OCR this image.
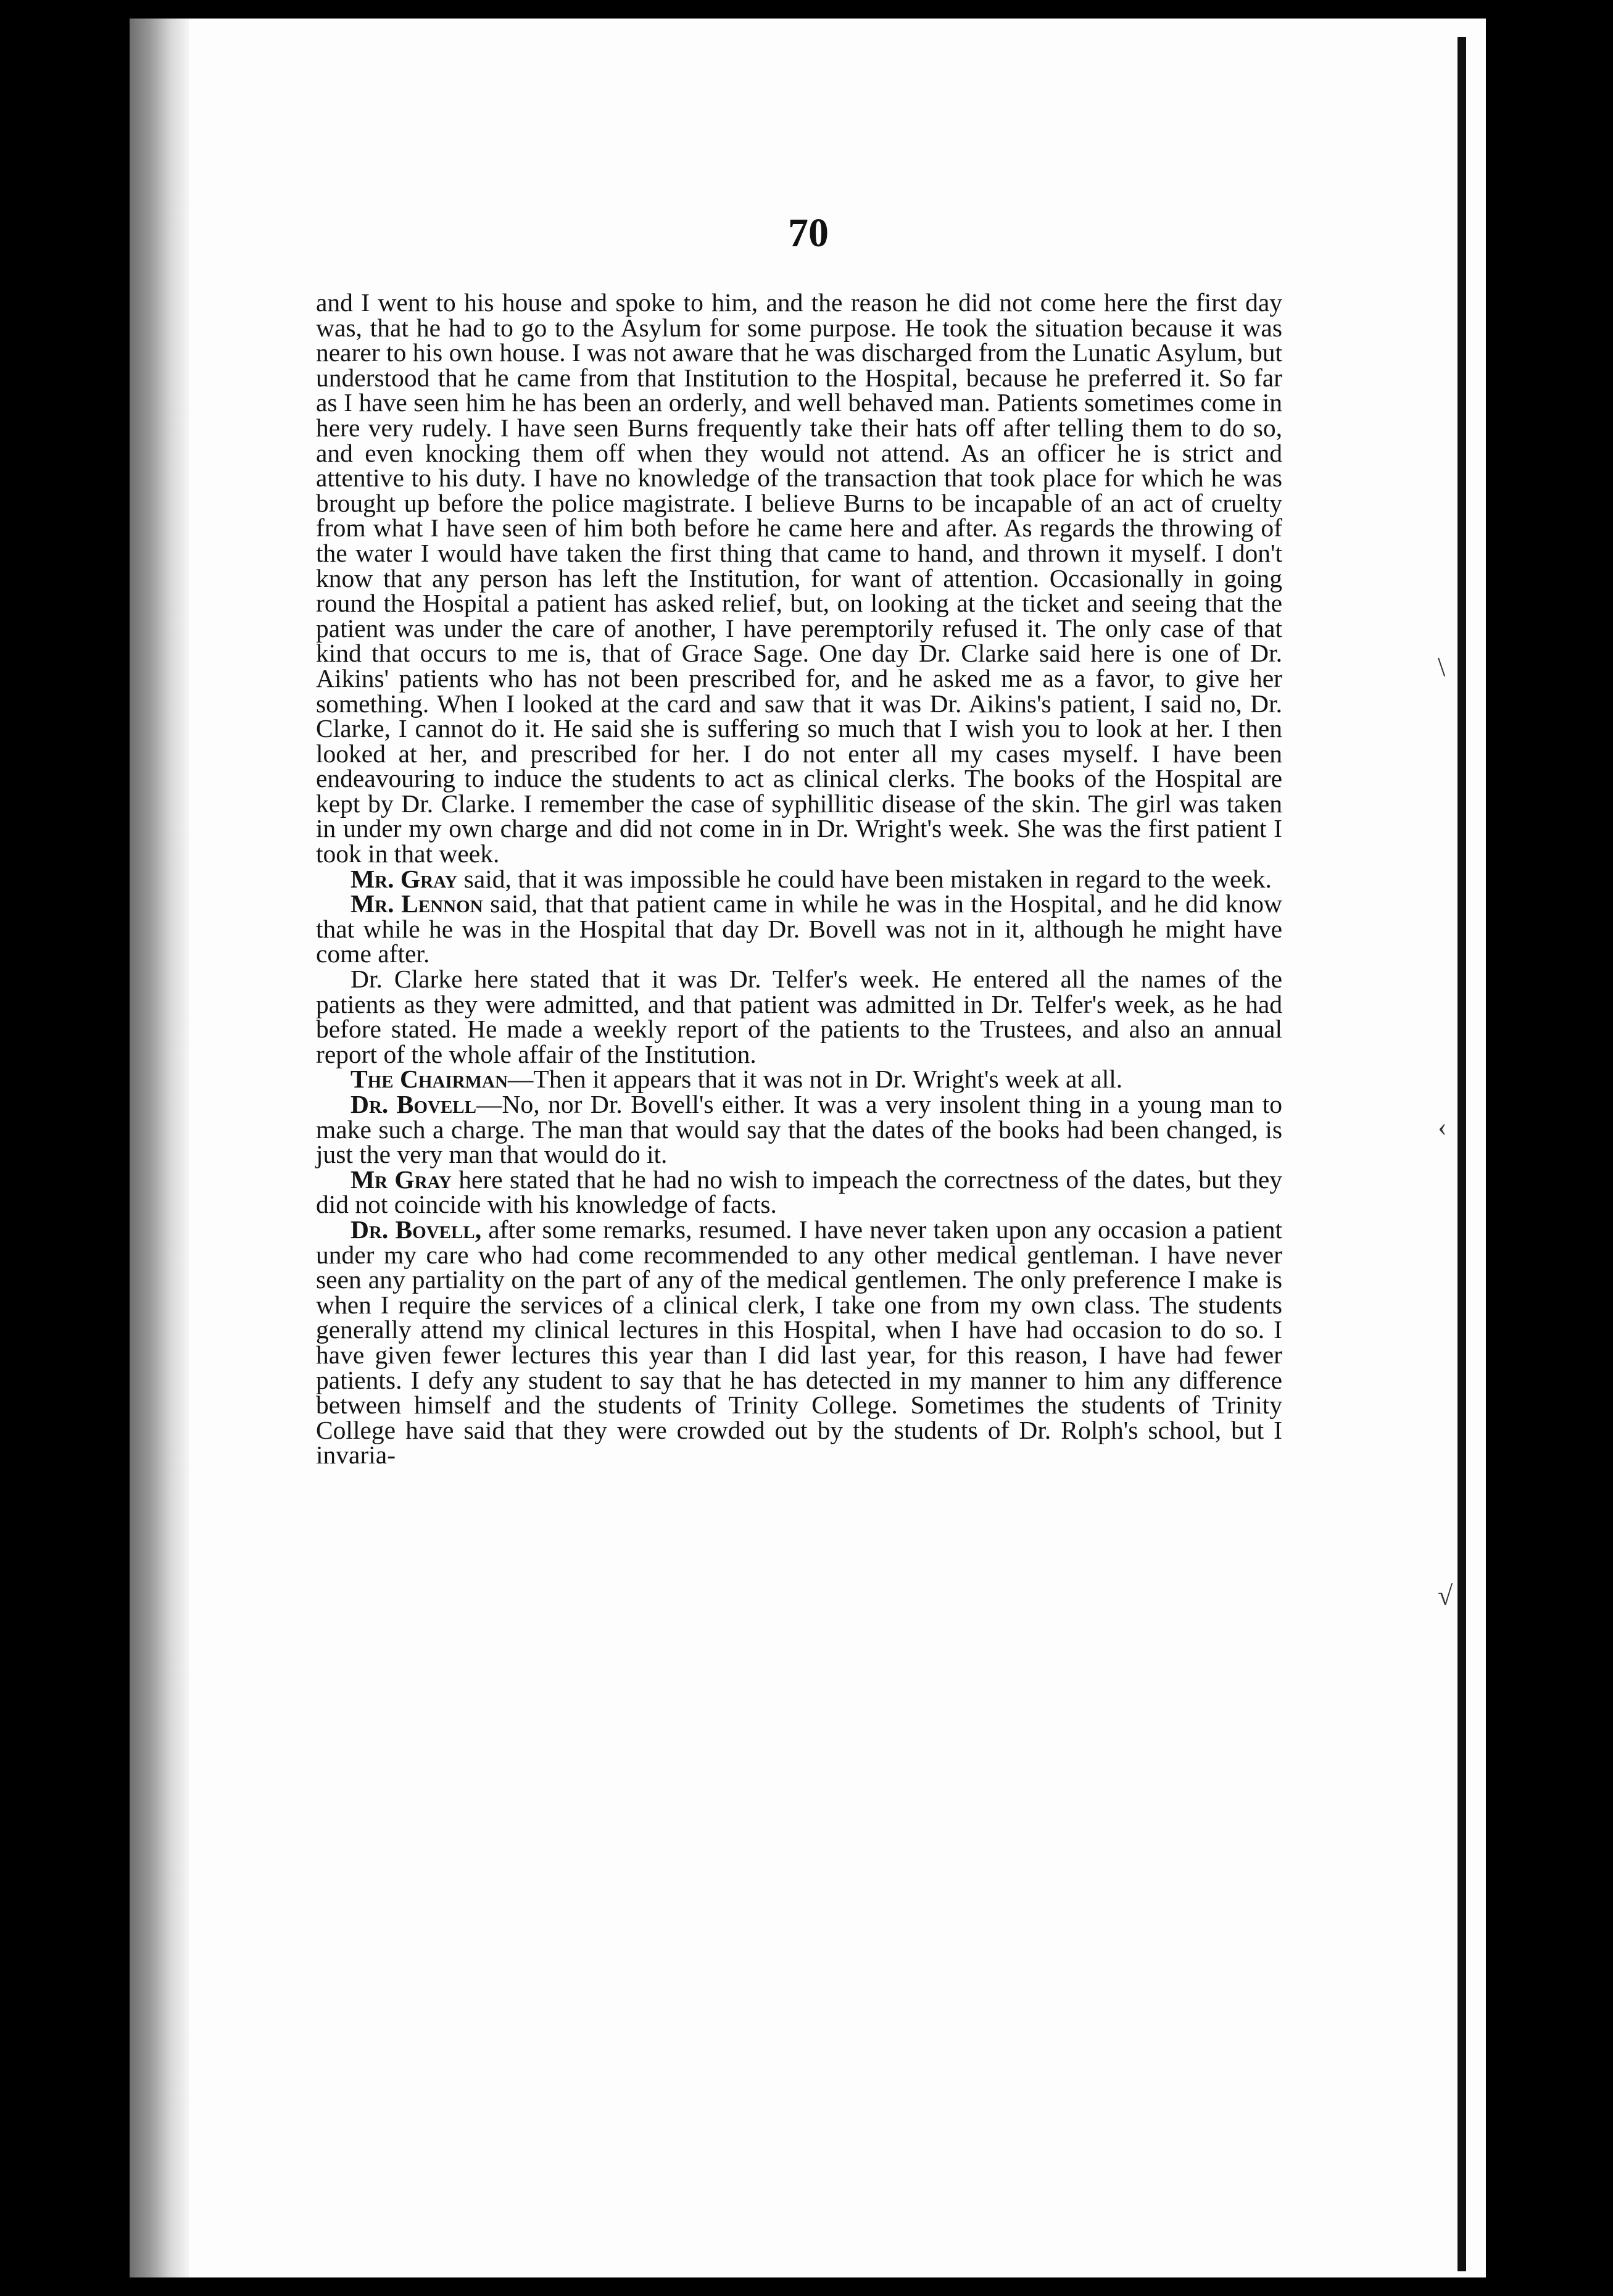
\
‹
√
70

and I went to his house and spoke to him, and the reason he did not come here the first day was, that he had to go to the Asylum for some purpose. He took the situation because it was nearer to his own house. I was not aware that he was discharged from the Lunatic Asylum, but understood that he came from that Institution to the Hospital, because he preferred it. So far as I have seen him he has been an orderly, and well behaved man. Patients sometimes come in here very rudely. I have seen Burns frequently take their hats off after telling them to do so, and even knocking them off when they would not attend. As an officer he is strict and attentive to his duty. I have no knowledge of the transaction that took place for which he was brought up before the police magistrate. I believe Burns to be incapable of an act of cruelty from what I have seen of him both before he came here and after. As regards the throwing of the water I would have taken the first thing that came to hand, and thrown it myself. I don't know that any person has left the Institution, for want of attention. Occasionally in going round the Hospital a patient has asked relief, but, on looking at the ticket and seeing that the patient was under the care of another, I have peremptorily refused it. The only case of that kind that occurs to me is, that of Grace Sage. One day Dr. Clarke said here is one of Dr. Aikins' patients who has not been prescribed for, and he asked me as a favor, to give her something. When I looked at the card and saw that it was Dr. Aikins's patient, I said no, Dr. Clarke, I cannot do it. He said she is suffering so much that I wish you to look at her. I then looked at her, and prescribed for her. I do not enter all my cases myself. I have been endeavouring to induce the students to act as clinical clerks. The books of the Hospital are kept by Dr. Clarke. I remember the case of syphillitic disease of the skin. The girl was taken in under my own charge and did not come in in Dr. Wright's week. She was the first patient I took in that week.

Mr. Gray said, that it was impossible he could have been mistaken in regard to the week.

Mr. Lennon said, that that patient came in while he was in the Hospital, and he did know that while he was in the Hospital that day Dr. Bovell was not in it, although he might have come after.

Dr. Clarke here stated that it was Dr. Telfer's week. He entered all the names of the patients as they were admitted, and that patient was admitted in Dr. Telfer's week, as he had before stated. He made a weekly report of the patients to the Trustees, and also an annual report of the whole affair of the Institution.

The Chairman—Then it appears that it was not in Dr. Wright's week at all.

Dr. Bovell—No, nor Dr. Bovell's either. It was a very insolent thing in a young man to make such a charge. The man that would say that the dates of the books had been changed, is just the very man that would do it.

Mr Gray here stated that he had no wish to impeach the correctness of the dates, but they did not coincide with his knowledge of facts.

Dr. Bovell, after some remarks, resumed. I have never taken upon any occasion a patient under my care who had come recommended to any other medical gentleman. I have never seen any partiality on the part of any of the medical gentlemen. The only preference I make is when I require the services of a clinical clerk, I take one from my own class. The students generally attend my clinical lectures in this Hospital, when I have had occasion to do so. I have given fewer lectures this year than I did last year, for this reason, I have had fewer patients. I defy any student to say that he has detected in my manner to him any difference between himself and the students of Trinity College. Sometimes the students of Trinity College have said that they were crowded out by the students of Dr. Rolph's school, but I invaria-
